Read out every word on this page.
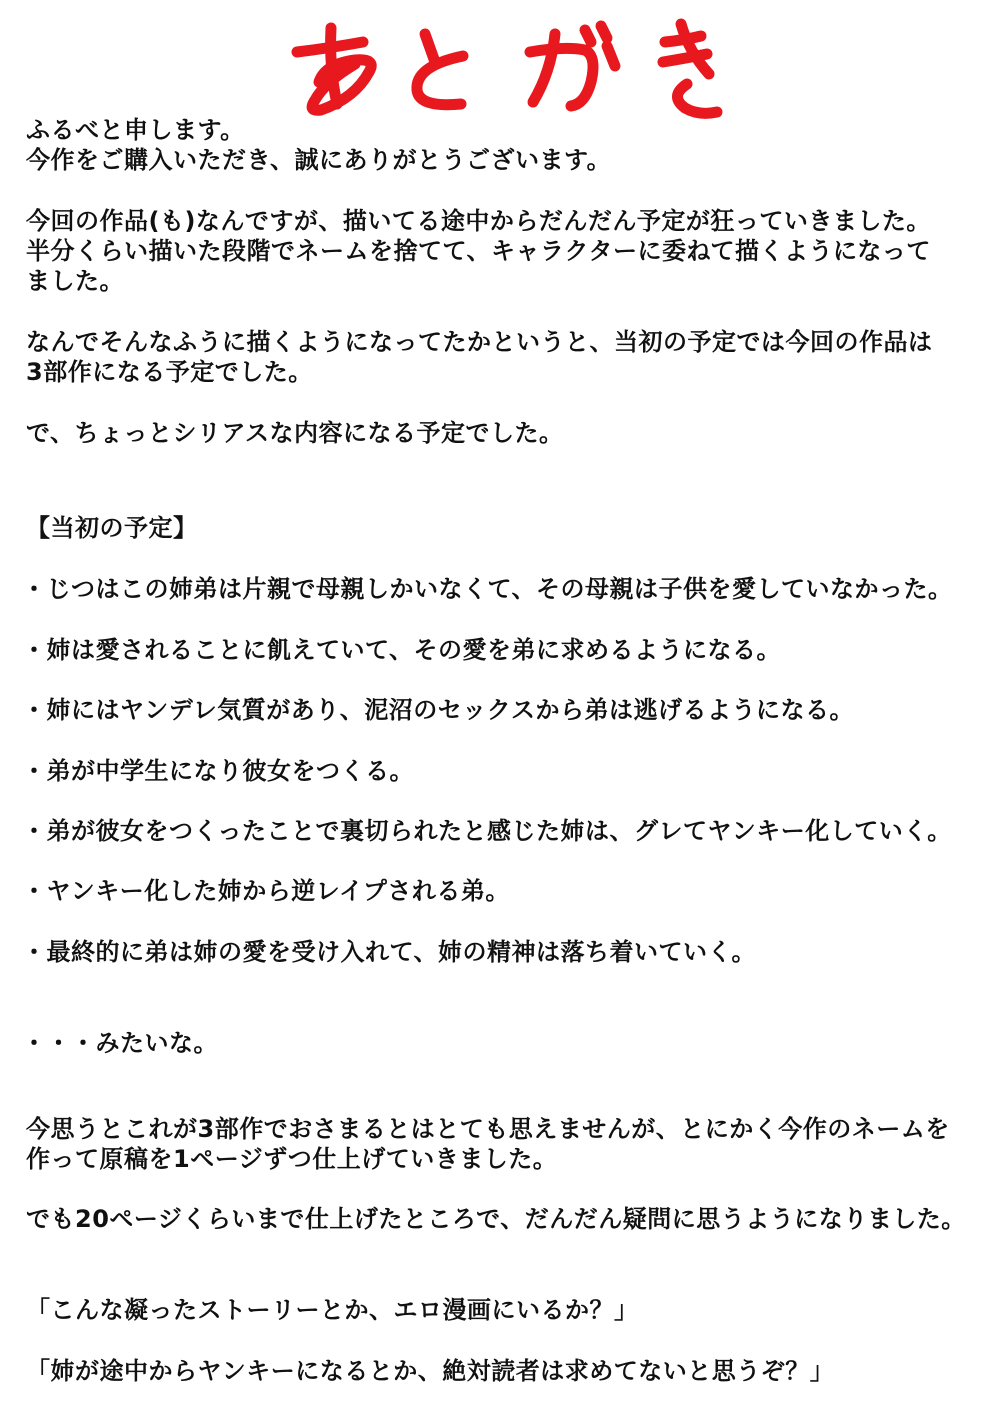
ふるべと申します。
今作をご購入いただき、誠にありがとうございます。
今回の作品(も)なんですが、描いてる途中からだんだん予定が狂っていきました。
半分くらい描いた段階でネームを捨てて、キャラクターに委ねて描くようになって
ました。
なんでそんなふうに描くようになってたかというと、当初の予定では今回の作品は
3部作になる予定でした。
で、ちょっとシリアスな内容になる予定でした。
【当初の予定】
・じつはこの姉弟は片親で母親しかいなくて、その母親は子供を愛していなかった。
・姉は愛されることに飢えていて、その愛を弟に求めるようになる。
・姉にはヤンデレ気質があり、泥沼のセックスから弟は逃げるようになる。
・弟が中学生になり彼女をつくる。
・弟が彼女をつくったことで裏切られたと感じた姉は、グレてヤンキー化していく。
・ヤンキー化した姉から逆レイプされる弟。
・最終的に弟は姉の愛を受け入れて、姉の精神は落ち着いていく。
・・・みたいな。
今思うとこれが3部作でおさまるとはとても思えませんが、とにかく今作のネームを
作って原稿を1ページずつ仕上げていきました。
でも20ページくらいまで仕上げたところで、だんだん疑問に思うようになりました。
「こんな凝ったストーリーとか、エロ漫画にいるか？」
「姉が途中からヤンキーになるとか、絶対読者は求めてないと思うぞ？」
